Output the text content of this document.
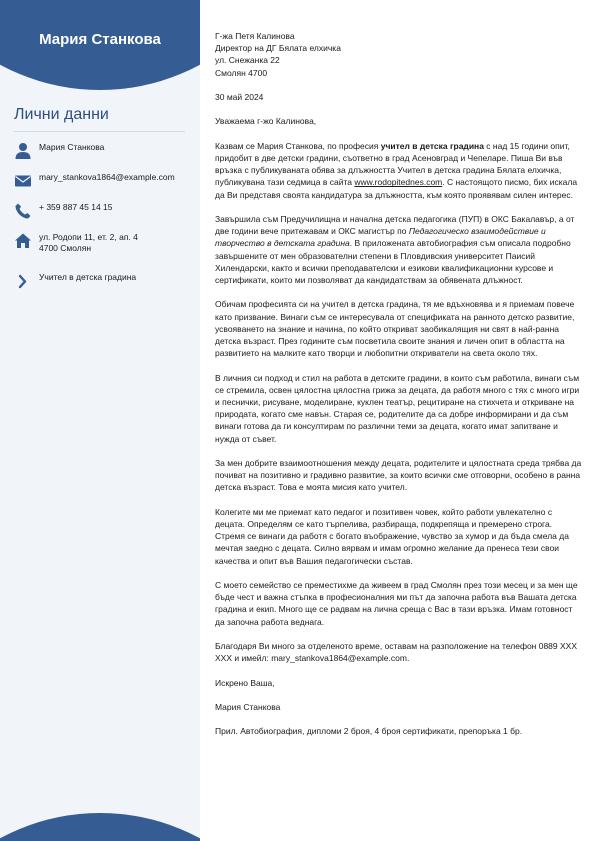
Мария Станкова
Лични данни
Мария Станкова
mary_stankova1864@example.com
+ 359 887 45 14 15
ул. Родопи 11, ет. 2, ап. 4
4700 Смолян
Учител в детска градина
Г-жа Петя Калинова
Директор на ДГ Бялата елхичка
ул. Снежанка 22
Смолян 4700

30 май 2024

Уважаема г-жо Калинова,

Казвам се Мария Станкова, по професия учител в детска градина с над 15 години опит, придобит в две детски градини, съответно в град Асеновград и Чепеларе. Пиша Ви във връзка с публикуваната обява за длъжността Учител в детска градина Бялата елхичка, публикувана тази седмица в сайта www.rodopitednes.com. С настоящото писмо, бих искала да Ви представя своята кандидатура за длъжността, към която проявявам силен интерес.

Завършила съм Предучилищна и начална детска педагогика (ПУП) в ОКС Бакалавър, а от две години вече притежавам и ОКС магистър по Педагогическо взаимодействие и творчество в детската градина. В приложената автобиография съм описала подробно завършените от мен образователни степени в Пловдивския университет Паисий Хилендарски, както и всички преподавателски и езикови квалификационни курсове и сертификати, които ми позволяват да кандидатствам за обявената длъжност.

Обичам професията си на учител в детска градина, тя ме вдъхновява и я приемам повече като призвание. Винаги съм се интересувала от спецификата на ранното детско развитие, усвояването на знание и начина, по който откриват заобикалящия ни свят в най-ранна детска възраст. През годините съм посветила своите знания и личен опит в областта на развитието на малките като творци и любопитни откриватели на света около тях.

В личния си подход и стил на работа в детските градини, в които съм работила, винаги съм се стремила, освен цялостна цялостна грижа за децата, да работя много с тях с много игри и песнички, рисуване, моделиране, куклен театър, рецитиране на стихчета и откриване на природата, когато сме навън. Старая се, родителите да са добре информирани и да съм винаги готова да ги консултирам по различни теми за децата, когато имат запитване и нужда от съвет.

За мен добрите взаимоотношения между децата, родителите и цялостната среда трябва да почиват на позитивно и градивно развитие, за които всички сме отговорни, особено в ранна детска възраст. Това е моята мисия като учител.

Колегите ми ме приемат като педагог и позитивен човек, който работи увлекателно с децата. Определям се като търпелива, разбираща, подкрепяща и премерено строга. Стремя се винаги да работя с богато въображение, чувство за хумор и да бъда смела да мечтая заедно с децата. Силно вярвам и имам огромно желание да пренеса тези свои качества и опит във Вашия педагогически състав.

С моето семейство се преместихме да живеем в град Смолян през този месец и за мен ще бъде чест и важна стъпка в професионалния ми път да започна работа във Вашата детска градина и екип. Много ще се радвам на лична среща с Вас в тази връзка. Имам готовност да започна работа веднага.

Благодаря Ви много за отделеното време, оставам на разположение на телефон 0889 XXX XXX и имейл: mary_stankova1864@example.com.

Искрено Ваша,

Мария Станкова

Прил. Автобиография, дипломи 2 броя, 4 броя сертификати, препоръка 1 бр.
